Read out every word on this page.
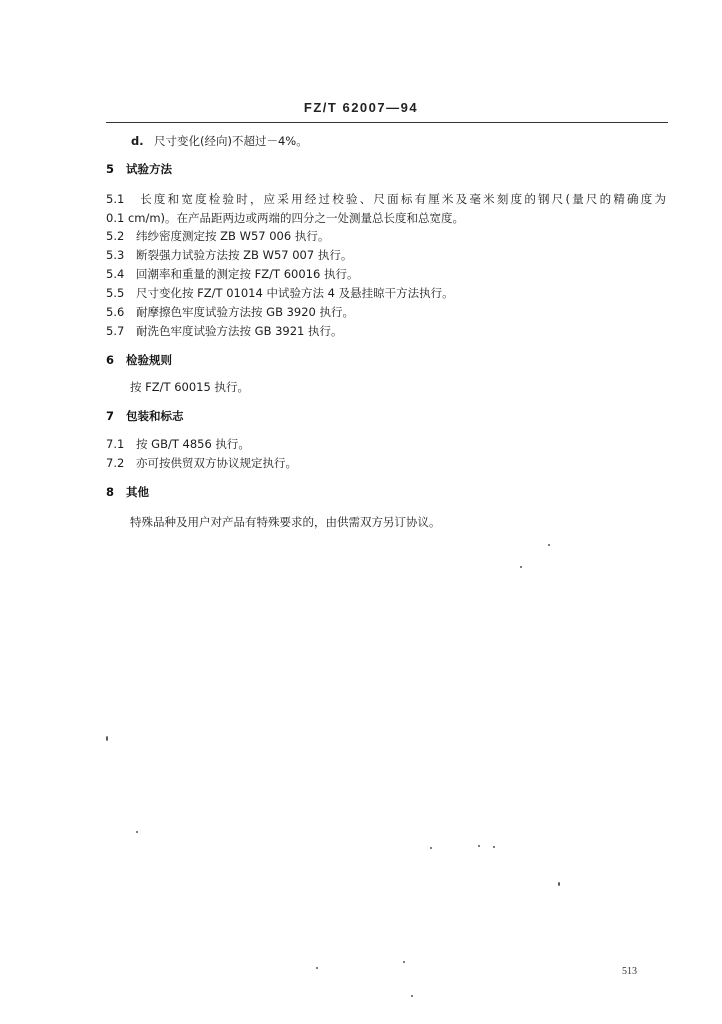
FZ/T 62007—94
d. 尺寸变化(经向)不超过－4%。
5 试验方法
5.1 长度和宽度检验时，应采用经过校验、尺面标有厘米及毫米刻度的钢尺(量尺的精确度为
0.1 cm/m)。在产品距两边或两端的四分之一处测量总长度和总宽度。
5.2 纬纱密度测定按 ZB W57 006 执行。
5.3 断裂强力试验方法按 ZB W57 007 执行。
5.4 回潮率和重量的测定按 FZ/T 60016 执行。
5.5 尺寸变化按 FZ/T 01014 中试验方法 4 及悬挂晾干方法执行。
5.6 耐摩擦色牢度试验方法按 GB 3920 执行。
5.7 耐洗色牢度试验方法按 GB 3921 执行。
6 检验规则
按 FZ/T 60015 执行。
7 包装和标志
7.1 按 GB/T 4856 执行。
7.2 亦可按供贸双方协议规定执行。
8 其他
特殊品种及用户对产品有特殊要求的，由供需双方另订协议。
513
